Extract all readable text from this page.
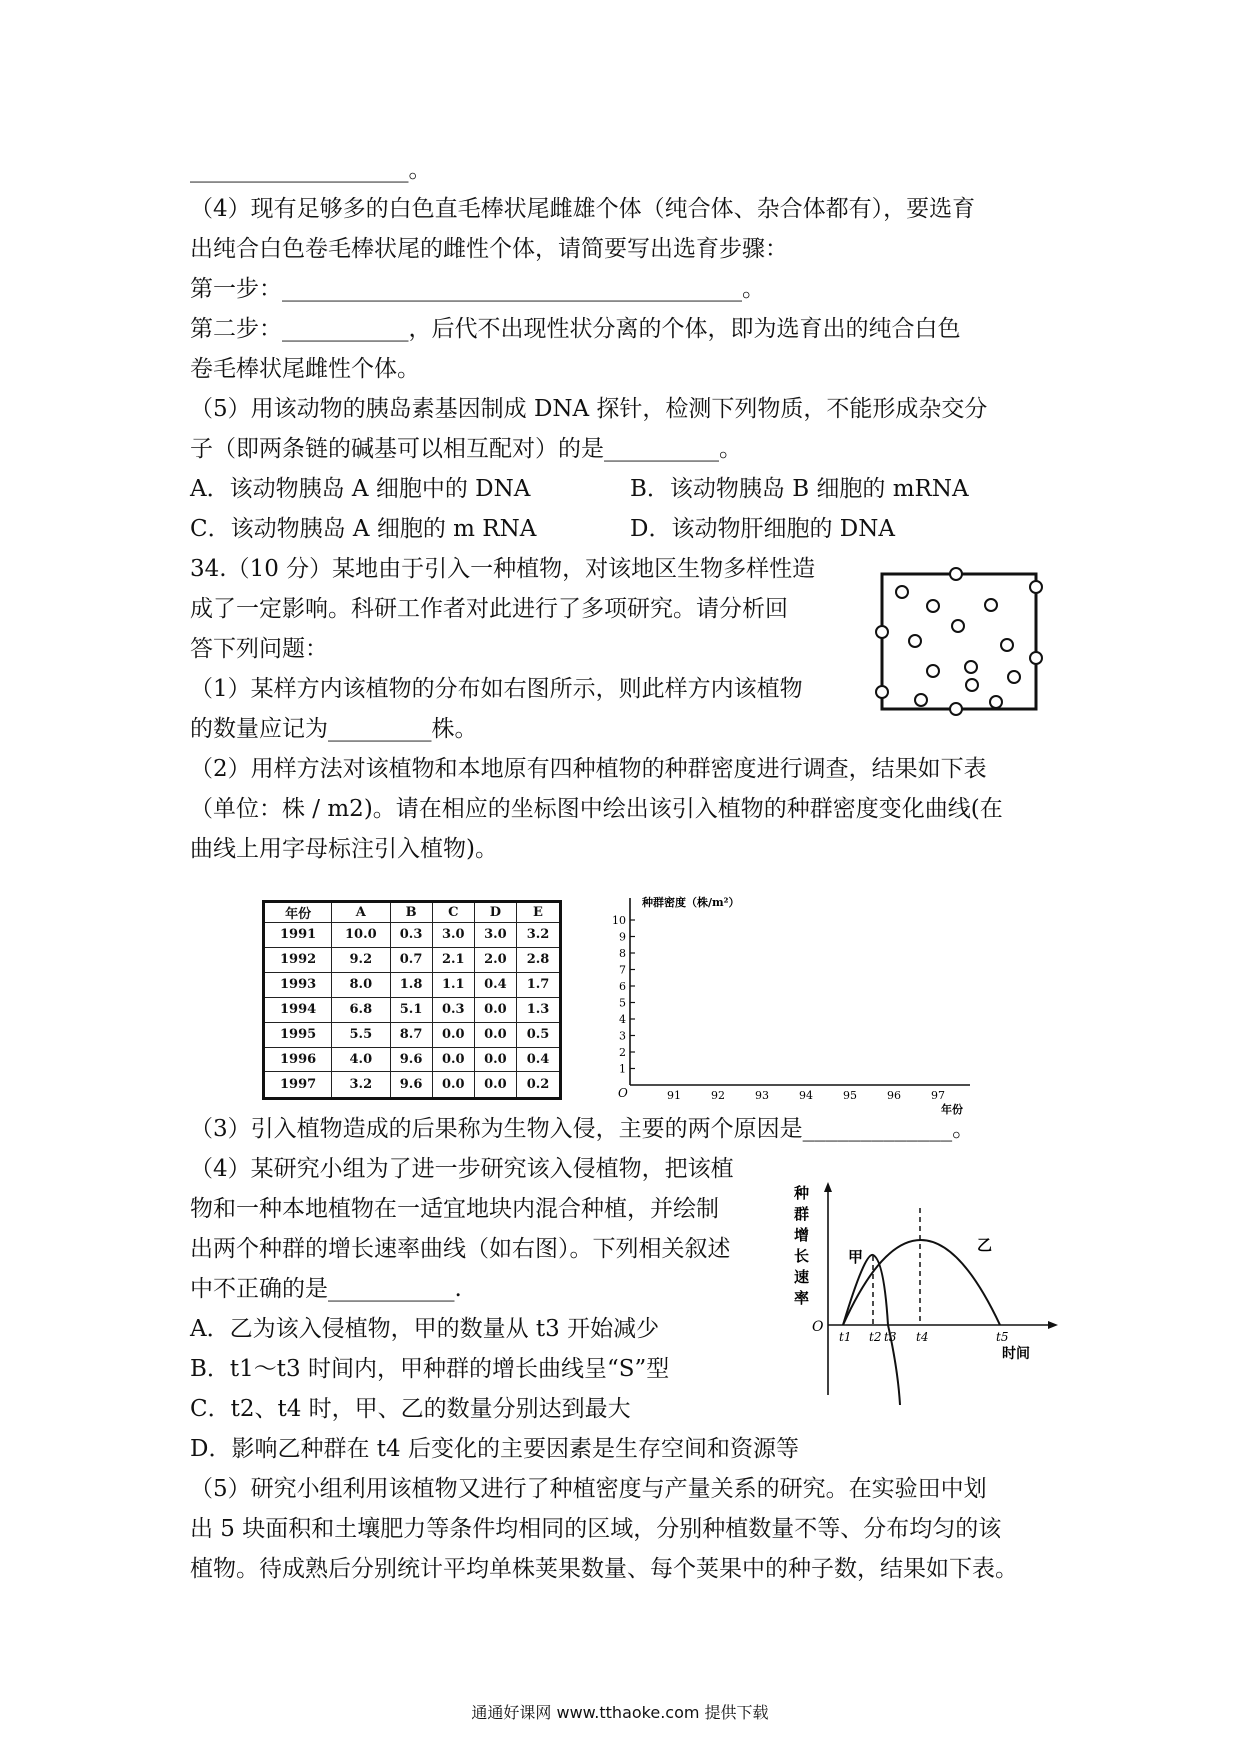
___________________。
（4）现有足够多的白色直毛棒状尾雌雄个体（纯合体、杂合体都有），要选育
出纯合白色卷毛棒状尾的雌性个体，请简要写出选育步骤：
第一步：________________________________________。
第二步：___________，后代不出现性状分离的个体，即为选育出的纯合白色
卷毛棒状尾雌性个体。
（5）用该动物的胰岛素基因制成 DNA 探针，检测下列物质，不能形成杂交分
子（即两条链的碱基可以相互配对）的是__________。
A．该动物胰岛 A 细胞中的 DNA	B．该动物胰岛 B 细胞的 mRNA
C．该动物胰岛 A 细胞的 m RNA	D．该动物肝细胞的 DNA
34.（10 分）某地由于引入一种植物，对该地区生物多样性造
成了一定影响。科研工作者对此进行了多项研究。请分析回
答下列问题：
（1）某样方内该植物的分布如右图所示，则此样方内该植物
的数量应记为_________株。
（2）用样方法对该植物和本地原有四种植物的种群密度进行调查，结果如下表
（单位：株 / m2)。请在相应的坐标图中绘出该引入植物的种群密度变化曲线(在
曲线上用字母标注引入植物)。
（3）引入植物造成的后果称为生物入侵，主要的两个原因是_____________。
（4）某研究小组为了进一步研究该入侵植物，把该植
物和一种本地植物在一适宜地块内混合种植，并绘制
出两个种群的增长速率曲线（如右图）。下列相关叙述
中不正确的是___________.
A．乙为该入侵植物，甲的数量从 t3 开始减少
B．t1～t3 时间内，甲种群的增长曲线呈“S”型
C．t2、t4 时，甲、乙的数量分别达到最大
D．影响乙种群在 t4 后变化的主要因素是生存空间和资源等
（5）研究小组利用该植物又进行了种植密度与产量关系的研究。在实验田中划
出 5 块面积和土壤肥力等条件均相同的区域，分别种植数量不等、分布均匀的该
植物。待成熟后分别统计平均单株荚果数量、每个荚果中的种子数，结果如下表。
年份	A	B	C	D	E
1991	10.0	0.3	3.0	3.0	3.2
1992	9.2	0.7	2.1	2.0	2.8
1993	8.0	1.8	1.1	0.4	1.7
1994	6.8	5.1	0.3	0.0	1.3
1995	5.5	8.7	0.0	0.0	0.5
1996	4.0	9.6	0.0	0.0	0.4
1997	3.2	9.6	0.0	0.0	0.2
种群密度（株/m²）
O
1
2
3
4
5
6
7
8
9
10
91	92	93	94	95	96	97
年份
种
群
增
长
速
率
O
时间
甲
乙
t1 t2 t3 t4	t5
通通好课网 www.tthaoke.com 提供下载
